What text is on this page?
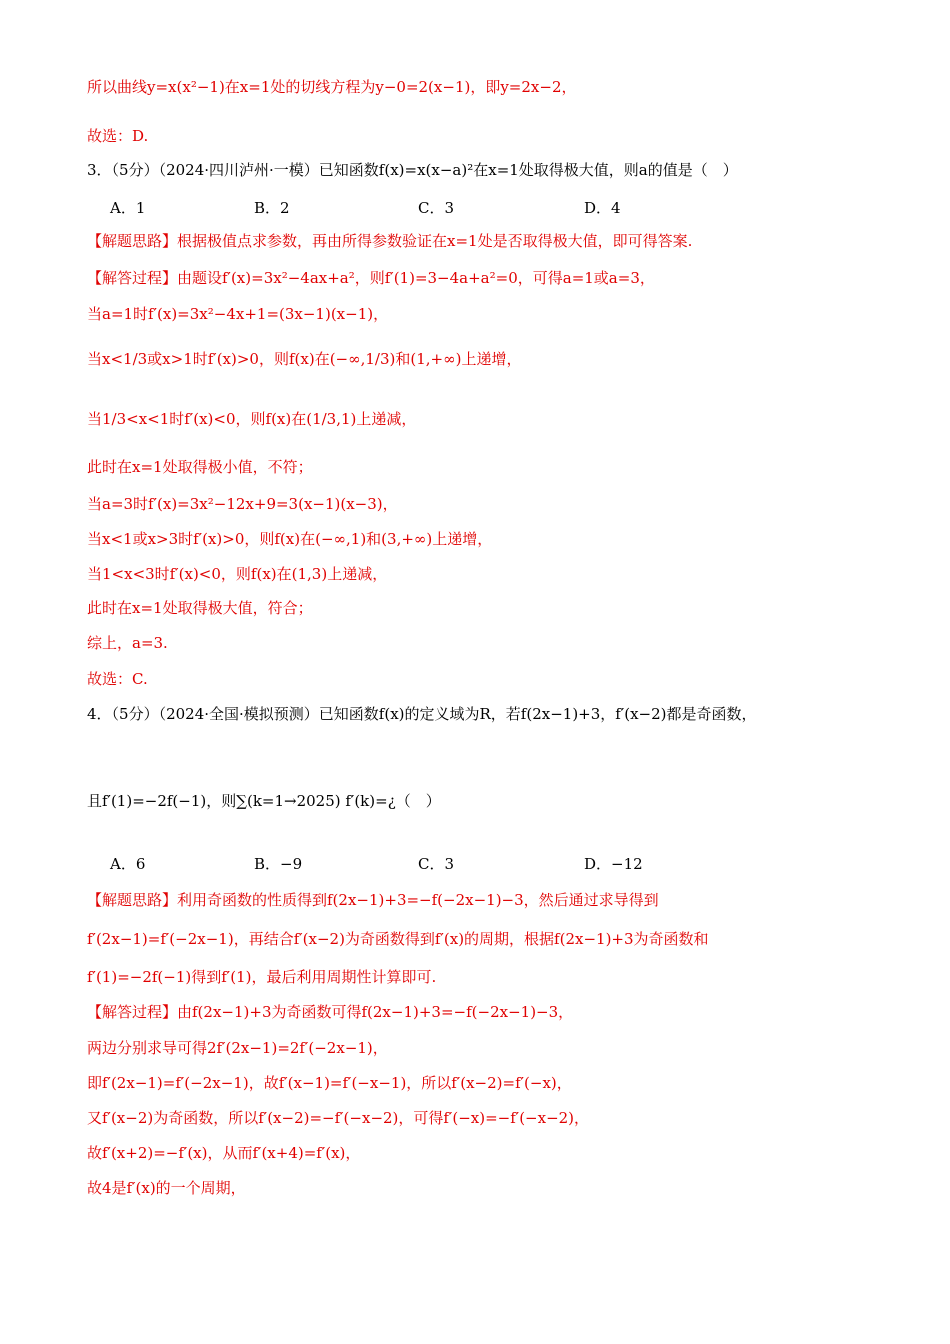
所以曲线y=x(x²−1)在x=1处的切线方程为y−0=2(x−1)，即y=2x−2，
故选：D.
3．（5分）（2024·四川泸州·一模）已知函数f(x)=x(x−a)²在x=1处取得极大值，则a的值是（　）
A．1	B．2	C．3	D．4
【解题思路】根据极值点求参数，再由所得参数验证在x=1处是否取得极大值，即可得答案.
【解答过程】由题设f′(x)=3x²−4ax+a²，则f′(1)=3−4a+a²=0，可得a=1或a=3，
当a=1时f′(x)=3x²−4x+1=(3x−1)(x−1)，
当x<1/3或x>1时f′(x)>0，则f(x)在(−∞,1/3)和(1,+∞)上递增，
当1/3<x<1时f′(x)<0，则f(x)在(1/3,1)上递减，
此时在x=1处取得极小值，不符；
当a=3时f′(x)=3x²−12x+9=3(x−1)(x−3)，
当x<1或x>3时f′(x)>0，则f(x)在(−∞,1)和(3,+∞)上递增，
当1<x<3时f′(x)<0，则f(x)在(1,3)上递减，
此时在x=1处取得极大值，符合；
综上，a=3.
故选：C.
4．（5分）（2024·全国·模拟预测）已知函数f(x)的定义域为R，若f(2x−1)+3，f′(x−2)都是奇函数，
且f′(1)=−2f(−1)，则∑(k=1→2025) f′(k)=¿（　）
A．6	B．−9	C．3	D．−12
【解题思路】利用奇函数的性质得到f(2x−1)+3=−f(−2x−1)−3，然后通过求导得到
f′(2x−1)=f′(−2x−1)，再结合f′(x−2)为奇函数得到f′(x)的周期，根据f(2x−1)+3为奇函数和
f′(1)=−2f(−1)得到f′(1)，最后利用周期性计算即可.
【解答过程】由f(2x−1)+3为奇函数可得f(2x−1)+3=−f(−2x−1)−3，
两边分别求导可得2f′(2x−1)=2f′(−2x−1)，
即f′(2x−1)=f′(−2x−1)，故f′(x−1)=f′(−x−1)，所以f′(x−2)=f′(−x)，
又f′(x−2)为奇函数，所以f′(x−2)=−f′(−x−2)，可得f′(−x)=−f′(−x−2)，
故f′(x+2)=−f′(x)，从而f′(x+4)=f′(x)，
故4是f′(x)的一个周期，
